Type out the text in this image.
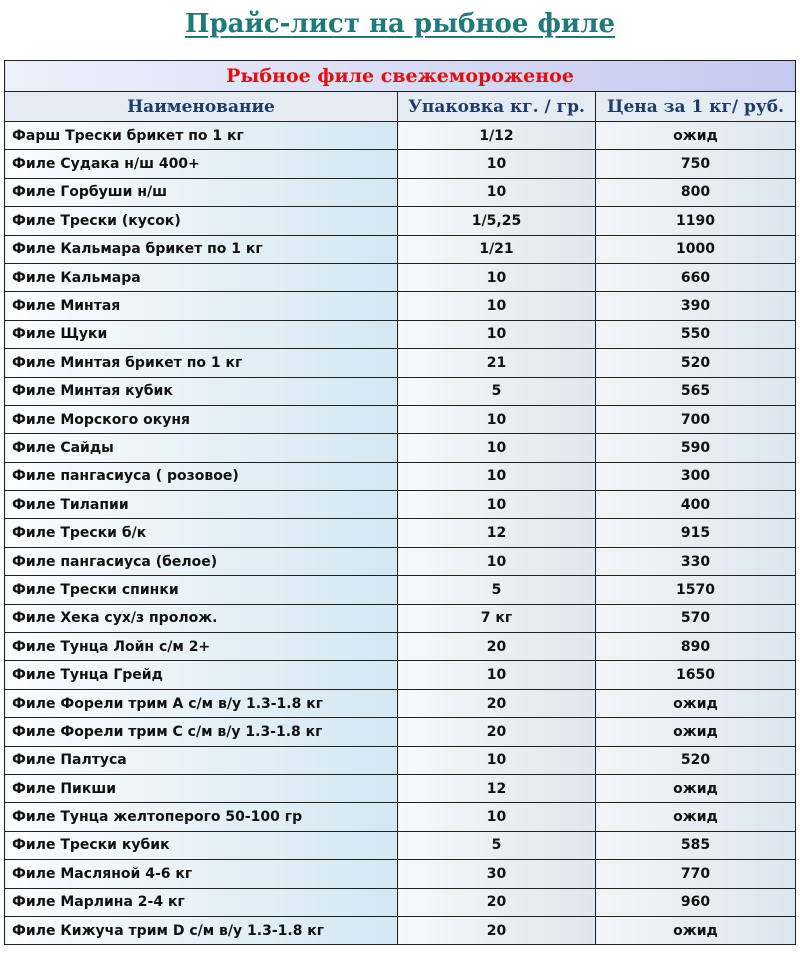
Прайс-лист на рыбное филе
Рыбное филе свежемороженое		
Наименование	Упаковка кг. / гр.	Цена за 1 кг/ руб.
Фарш Трески брикет по 1 кг	1/12	ожид
Филе Судака н/ш 400+	10	750
Филе Горбуши н/ш	10	800
Филе Трески (кусок)	1/5,25	1190
Филе Кальмара брикет по 1 кг	1/21	1000
Филе Кальмара	10	660
Филе Минтая	10	390
Филе Щуки	10	550
Филе Минтая брикет по 1 кг	21	520
Филе Минтая кубик	5	565
Филе Морского окуня	10	700
Филе Сайды	10	590
Филе пангасиуса ( розовое)	10	300
Филе Тилапии	10	400
Филе Трески б/к	12	915
Филе пангасиуса (белое)	10	330
Филе Трески спинки	5	1570
Филе Хека сух/з пролож.	7 кг	570
Филе Тунца Лойн с/м 2+	20	890
Филе Тунца Грейд	10	1650
Филе Форели трим А с/м в/у 1.3-1.8 кг	20	ожид
Филе Форели трим С с/м в/у 1.3-1.8 кг	20	ожид
Филе Палтуса	10	520
Филе Пикши	12	ожид
Филе Тунца желтоперого 50-100 гр	10	ожид
Филе Трески кубик	5	585
Филе Масляной 4-6 кг	30	770
Филе Марлина 2-4 кг	20	960
Филе Кижуча трим D с/м в/у 1.3-1.8 кг	20	ожид
